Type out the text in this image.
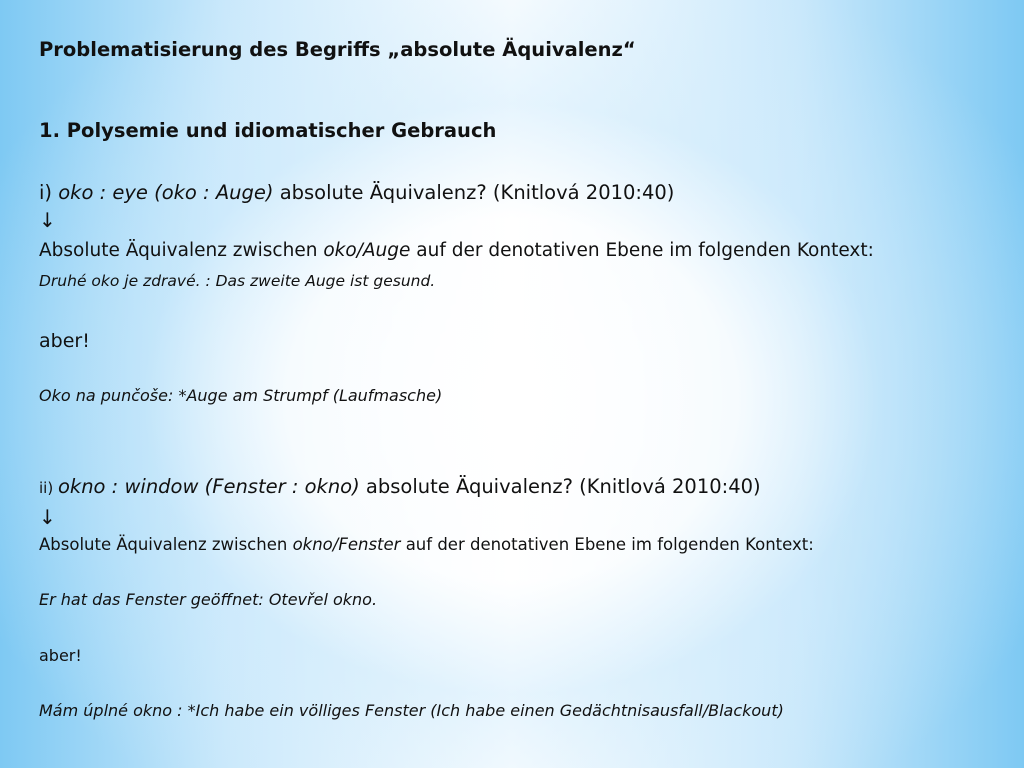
Problematisierung des Begriffs „absolute Äquivalenz“
1. Polysemie und idiomatischer Gebrauch
i) oko : eye (oko : Auge) absolute Äquivalenz? (Knitlová 2010:40)
↓
Absolute Äquivalenz zwischen oko/Auge auf der denotativen Ebene im folgenden Kontext:
Druhé oko je zdravé. : Das zweite Auge ist gesund.
aber!
Oko na punčoše: *Auge am Strumpf (Laufmasche)
ii) okno : window (Fenster : okno) absolute Äquivalenz? (Knitlová 2010:40)
↓
Absolute Äquivalenz zwischen okno/Fenster auf der denotativen Ebene im folgenden Kontext:
Er hat das Fenster geöffnet: Otevřel okno.
aber!
Mám úplné okno : *Ich habe ein völliges Fenster (Ich habe einen Gedächtnisausfall/Blackout)
